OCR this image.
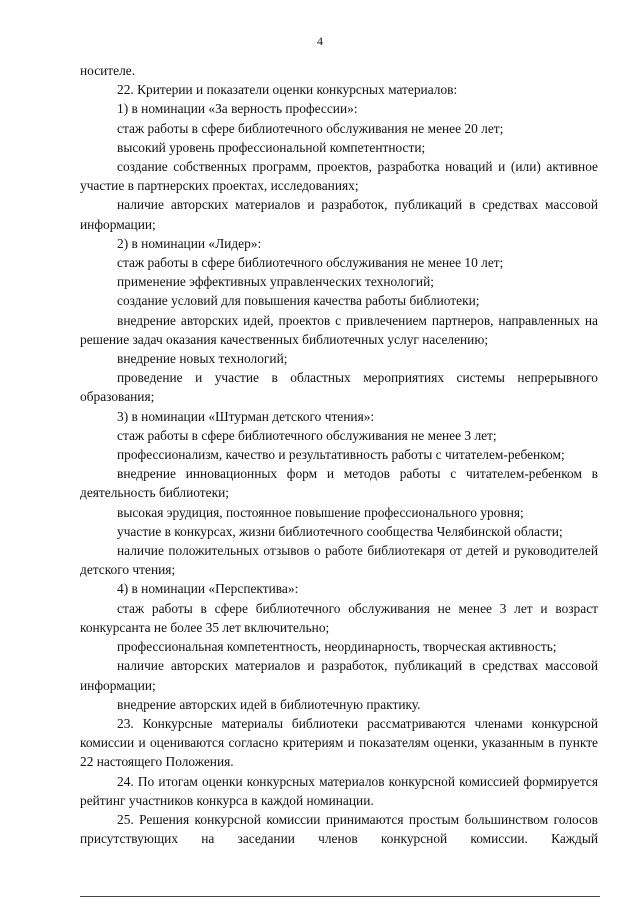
4

носителе.

22. Критерии и показатели оценки конкурсных материалов:

1) в номинации «За верность профессии»:

стаж работы в сфере библиотечного обслуживания не менее 20 лет;

высокий уровень профессиональной компетентности;

создание собственных программ, проектов, разработка новаций и (или) активное участие в партнерских проектах, исследованиях;

наличие авторских материалов и разработок, публикаций в средствах массовой информации;

2) в номинации «Лидер»:

стаж работы в сфере библиотечного обслуживания не менее 10 лет;

применение эффективных управленческих технологий;

создание условий для повышения качества работы библиотеки;

внедрение авторских идей, проектов с привлечением партнеров, направленных на решение задач оказания качественных библиотечных услуг населению;

внедрение новых технологий;

проведение и участие в областных мероприятиях системы непрерывного образования;

3) в номинации «Штурман детского чтения»:

стаж работы в сфере библиотечного обслуживания не менее 3 лет;

профессионализм, качество и результативность работы с читателем-ребенком;

внедрение инновационных форм и методов работы с читателем-ребенком в деятельность библиотеки;

высокая эрудиция, постоянное повышение профессионального уровня;

участие в конкурсах, жизни библиотечного сообщества Челябинской области;

наличие положительных отзывов о работе библиотекаря от детей и руководителей детского чтения;

4) в номинации «Перспектива»:

стаж работы в сфере библиотечного обслуживания не менее 3 лет и возраст конкурсанта не более 35 лет включительно;

профессиональная компетентность, неординарность, творческая активность;

наличие авторских материалов и разработок, публикаций в средствах массовой информации;

внедрение авторских идей в библиотечную практику.

23. Конкурсные материалы библиотеки рассматриваются членами конкурсной комиссии и оцениваются согласно критериям и показателям оценки, указанным в пункте 22 настоящего Положения.

24. По итогам оценки конкурсных материалов конкурсной комиссией формируется рейтинг участников конкурса в каждой номинации.

25. Решения конкурсной комиссии принимаются простым большинством голосов присутствующих на заседании членов конкурсной комиссии. Каждый
